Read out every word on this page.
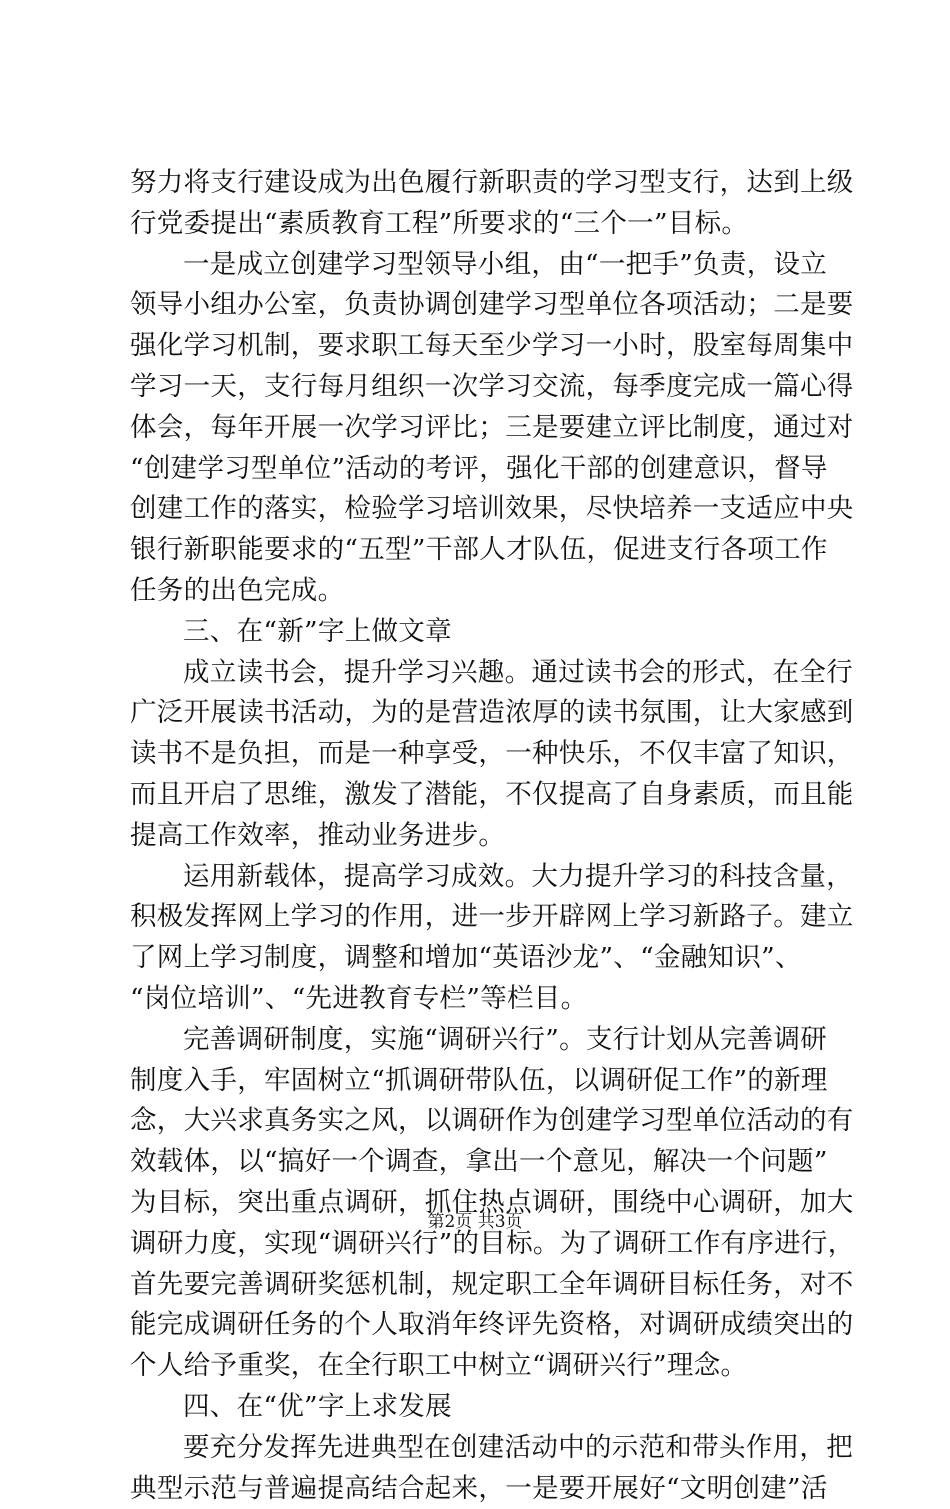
努力将支行建设成为出色履行新职责的学习型支行，达到上级
行党委提出“素质教育工程”所要求的“三个一”目标。
一是成立创建学习型领导小组，由“一把手”负责，设立
领导小组办公室，负责协调创建学习型单位各项活动；二是要
强化学习机制，要求职工每天至少学习一小时，股室每周集中
学习一天，支行每月组织一次学习交流，每季度完成一篇心得
体会，每年开展一次学习评比；三是要建立评比制度，通过对
“创建学习型单位”活动的考评，强化干部的创建意识，督导
创建工作的落实，检验学习培训效果，尽快培养一支适应中央
银行新职能要求的“五型”干部人才队伍，促进支行各项工作
任务的出色完成。
三、在“新”字上做文章
成立读书会，提升学习兴趣。通过读书会的形式，在全行
广泛开展读书活动，为的是营造浓厚的读书氛围，让大家感到
读书不是负担，而是一种享受，一种快乐，不仅丰富了知识，
而且开启了思维，激发了潜能，不仅提高了自身素质，而且能
提高工作效率，推动业务进步。
运用新载体，提高学习成效。大力提升学习的科技含量，
积极发挥网上学习的作用，进一步开辟网上学习新路子。建立
了网上学习制度，调整和增加“英语沙龙”、“金融知识”、
“岗位培训”、“先进教育专栏”等栏目。
完善调研制度，实施“调研兴行”。支行计划从完善调研
制度入手，牢固树立“抓调研带队伍，以调研促工作”的新理
念，大兴求真务实之风，以调研作为创建学习型单位活动的有
效载体，以“搞好一个调查，拿出一个意见，解决一个问题”
为目标，突出重点调研，抓住热点调研，围绕中心调研，加大
调研力度，实现“调研兴行”的目标。为了调研工作有序进行，
首先要完善调研奖惩机制，规定职工全年调研目标任务，对不
能完成调研任务的个人取消年终评先资格，对调研成绩突出的
个人给予重奖，在全行职工中树立“调研兴行”理念。
四、在“优”字上求发展
要充分发挥先进典型在创建活动中的示范和带头作用，把
典型示范与普遍提高结合起来，一是要开展好“文明创建”活
第2页 共3页
